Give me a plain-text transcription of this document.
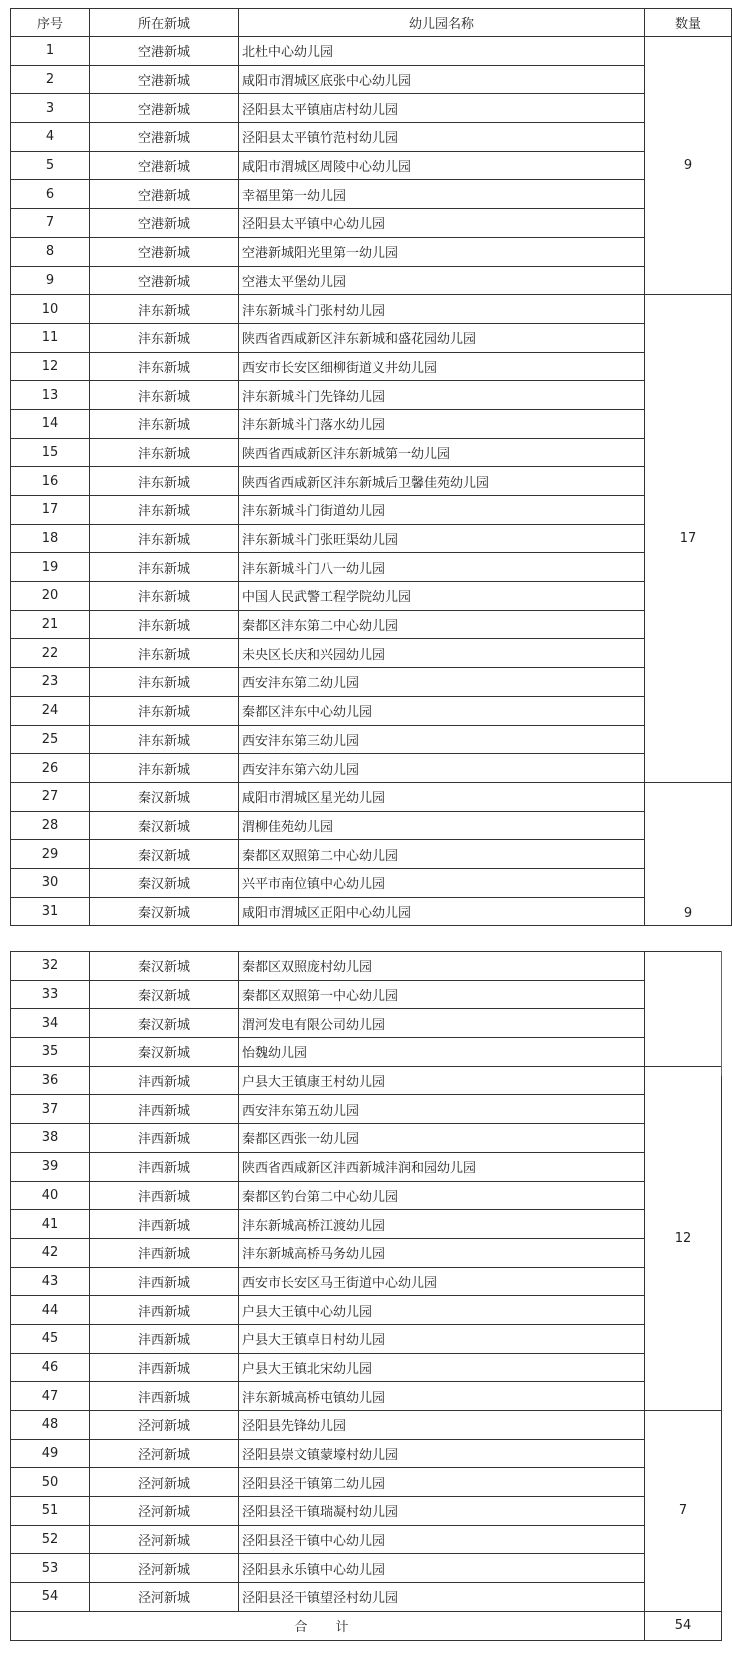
序号	所在新城	幼儿园名称	数量
1	空港新城	北杜中心幼儿园	9
2	空港新城	咸阳市渭城区底张中心幼儿园	
3	空港新城	泾阳县太平镇庙店村幼儿园	
4	空港新城	泾阳县太平镇竹范村幼儿园	
5	空港新城	咸阳市渭城区周陵中心幼儿园	
6	空港新城	幸福里第一幼儿园	
7	空港新城	泾阳县太平镇中心幼儿园	
8	空港新城	空港新城阳光里第一幼儿园	
9	空港新城	空港太平堡幼儿园	
10	沣东新城	沣东新城斗门张村幼儿园	17
11	沣东新城	陕西省西咸新区沣东新城和盛花园幼儿园	
12	沣东新城	西安市长安区细柳街道义井幼儿园	
13	沣东新城	沣东新城斗门先锋幼儿园	
14	沣东新城	沣东新城斗门落水幼儿园	
15	沣东新城	陕西省西咸新区沣东新城第一幼儿园	
16	沣东新城	陕西省西咸新区沣东新城后卫馨佳苑幼儿园	
17	沣东新城	沣东新城斗门街道幼儿园	
18	沣东新城	沣东新城斗门张旺渠幼儿园	
19	沣东新城	沣东新城斗门八一幼儿园	
20	沣东新城	中国人民武警工程学院幼儿园	
21	沣东新城	秦都区沣东第二中心幼儿园	
22	沣东新城	未央区长庆和兴园幼儿园	
23	沣东新城	西安沣东第二幼儿园	
24	沣东新城	秦都区沣东中心幼儿园	
25	沣东新城	西安沣东第三幼儿园	
26	沣东新城	西安沣东第六幼儿园	
27	秦汉新城	咸阳市渭城区星光幼儿园	9
28	秦汉新城	渭柳佳苑幼儿园	
29	秦汉新城	秦都区双照第二中心幼儿园	
30	秦汉新城	兴平市南位镇中心幼儿园	
31	秦汉新城	咸阳市渭城区正阳中心幼儿园	
32	秦汉新城	秦都区双照庞村幼儿园	
33	秦汉新城	秦都区双照第一中心幼儿园	
34	秦汉新城	渭河发电有限公司幼儿园	
35	秦汉新城	怡魏幼儿园	
36	沣西新城	户县大王镇康王村幼儿园	12
37	沣西新城	西安沣东第五幼儿园	
38	沣西新城	秦都区西张一幼儿园	
39	沣西新城	陕西省西咸新区沣西新城沣润和园幼儿园	
40	沣西新城	秦都区钓台第二中心幼儿园	
41	沣西新城	沣东新城高桥江渡幼儿园	
42	沣西新城	沣东新城高桥马务幼儿园	
43	沣西新城	西安市长安区马王街道中心幼儿园	
44	沣西新城	户县大王镇中心幼儿园	
45	沣西新城	户县大王镇卓日村幼儿园	
46	沣西新城	户县大王镇北宋幼儿园	
47	沣西新城	沣东新城高桥屯镇幼儿园	
48	泾河新城	泾阳县先锋幼儿园	7
49	泾河新城	泾阳县崇文镇蒙壕村幼儿园	
50	泾河新城	泾阳县泾干镇第二幼儿园	
51	泾河新城	泾阳县泾干镇瑞凝村幼儿园	
52	泾河新城	泾阳县泾干镇中心幼儿园	
53	泾河新城	泾阳县永乐镇中心幼儿园	
54	泾河新城	泾阳县泾干镇望泾村幼儿园	
合 计			54
